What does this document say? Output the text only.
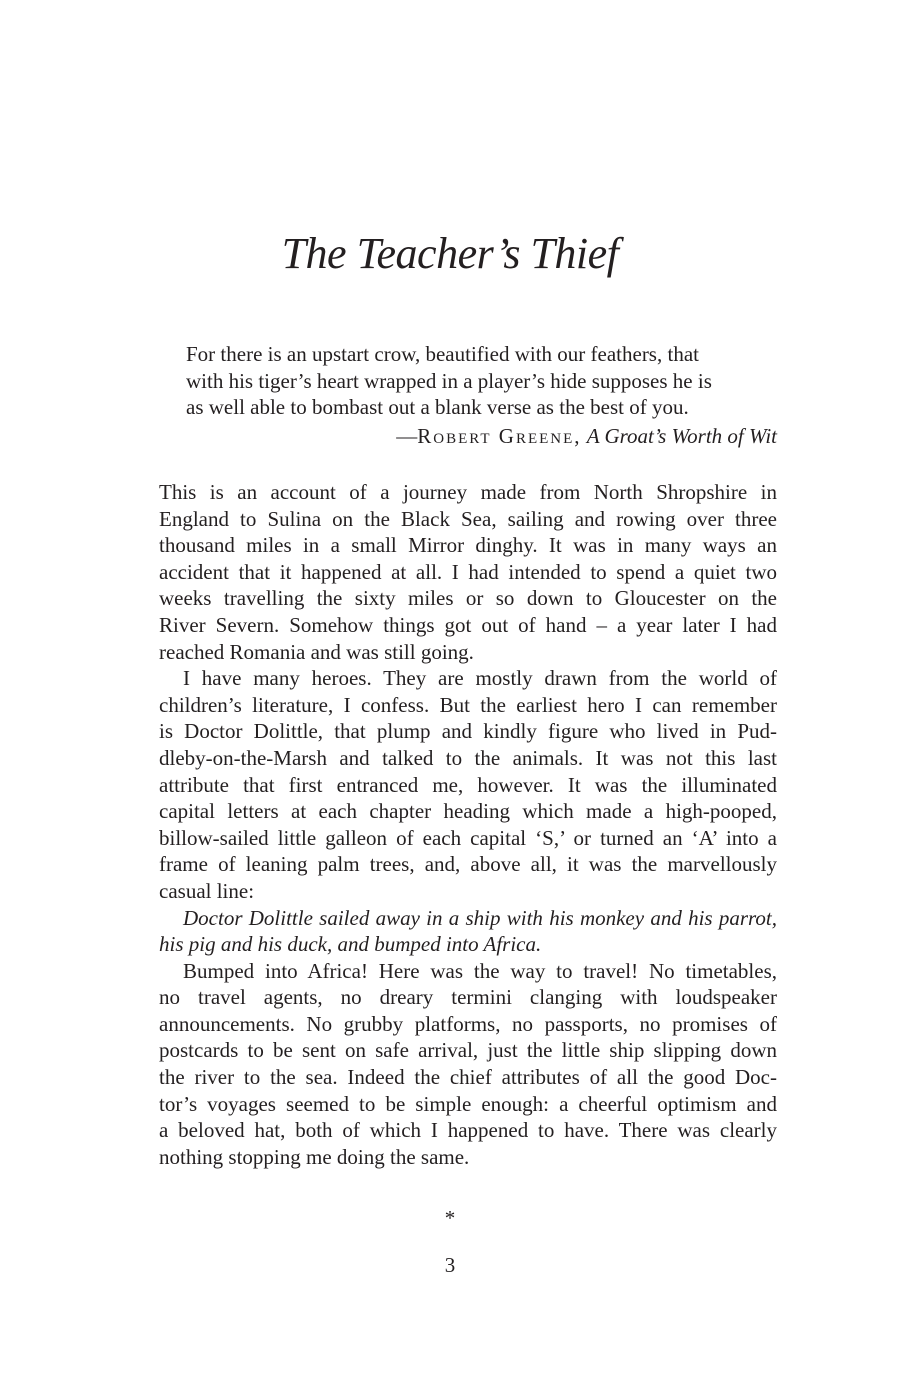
The Teacher’s Thief
For there is an upstart crow, beautified with our feathers, that
with his tiger’s heart wrapped in a player’s hide supposes he is
as well able to bombast out a blank verse as the best of you.

—Robert Greene, A Groat’s Worth of Wit

This is an account of a journey made from North Shropshire in
England to Sulina on the Black Sea, sailing and rowing over three
thousand miles in a small Mirror dinghy. It was in many ways an
accident that it happened at all. I had intended to spend a quiet two
weeks travelling the sixty miles or so down to Gloucester on the
River Severn. Somehow things got out of hand – a year later I had
reached Romania and was still going.
I have many heroes. They are mostly drawn from the world of
children’s literature, I confess. But the earliest hero I can remember
is Doctor Dolittle, that plump and kindly figure who lived in Pud-
dleby-on-the-Marsh and talked to the animals. It was not this last
attribute that first entranced me, however. It was the illuminated
capital letters at each chapter heading which made a high-pooped,
billow-sailed little galleon of each capital ‘S,’ or turned an ‘A’ into a
frame of leaning palm trees, and, above all, it was the marvellously
casual line:
Doctor Dolittle sailed away in a ship with his monkey and his parrot,
his pig and his duck, and bumped into Africa.
Bumped into Africa! Here was the way to travel! No timetables,
no travel agents, no dreary termini clanging with loudspeaker
announcements. No grubby platforms, no passports, no promises of
postcards to be sent on safe arrival, just the little ship slipping down
the river to the sea. Indeed the chief attributes of all the good Doc-
tor’s voyages seemed to be simple enough: a cheerful optimism and
a beloved hat, both of which I happened to have. There was clearly
nothing stopping me doing the same.
*
3
